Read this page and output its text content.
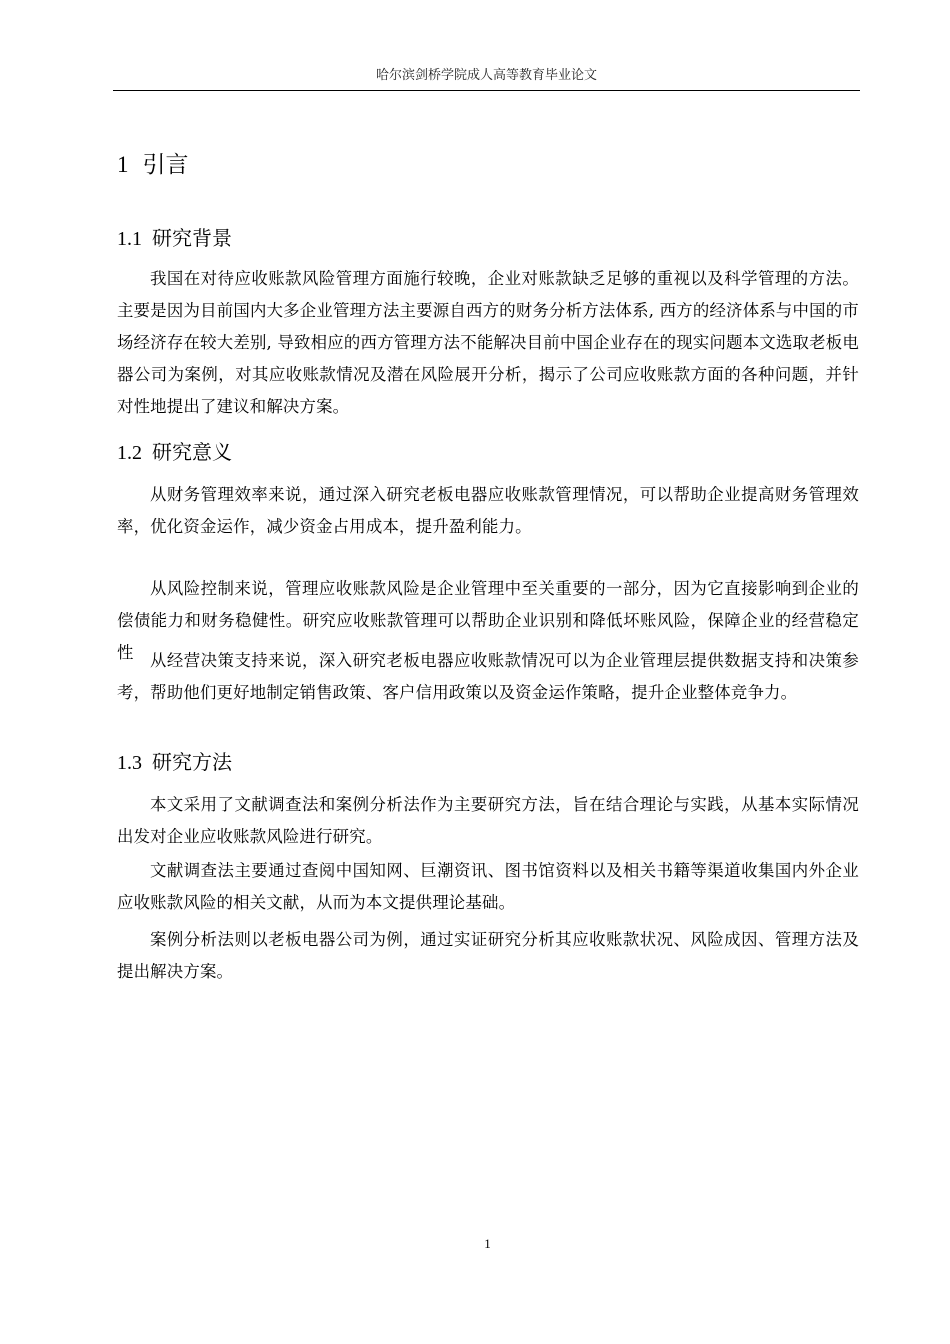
哈尔滨剑桥学院成人高等教育毕业论文
1 引言
1.1 研究背景

我国在对待应收账款风险管理方面施行较晚，企业对账款缺乏足够的重视以及科学管理的方法。主要是因为目前国内大多企业管理方法主要源自西方的财务分析方法体系, 西方的经济体系与中国的市场经济存在较大差别, 导致相应的西方管理方法不能解决目前中国企业存在的现实问题本文选取老板电器公司为案例，对其应收账款情况及潜在风险展开分析，揭示了公司应收账款方面的各种问题，并针对性地提出了建议和解决方案。

1.2 研究意义

从财务管理效率来说，通过深入研究老板电器应收账款管理情况，可以帮助企业提高财务管理效率，优化资金运作，减少资金占用成本，提升盈利能力。

从风险控制来说，管理应收账款风险是企业管理中至关重要的一部分，因为它直接影响到企业的偿债能力和财务稳健性。研究应收账款管理可以帮助企业识别和降低坏账风险，保障企业的经营稳定性	从经营决策支持来说，深入研究老板电器应收账款情况可以为企业管理层提供数据支持和决策参考，帮助他们更好地制定销售政策、客户信用政策以及资金运作策略，提升企业整体竞争力。

1.3 研究方法

本文采用了文献调查法和案例分析法作为主要研究方法，旨在结合理论与实践，从基本实际情况出发对企业应收账款风险进行研究。

文献调查法主要通过查阅中国知网、巨潮资讯、图书馆资料以及相关书籍等渠道收集国内外企业应收账款风险的相关文献，从而为本文提供理论基础。

案例分析法则以老板电器公司为例，通过实证研究分析其应收账款状况、风险成因、管理方法及提出解决方案。

1
